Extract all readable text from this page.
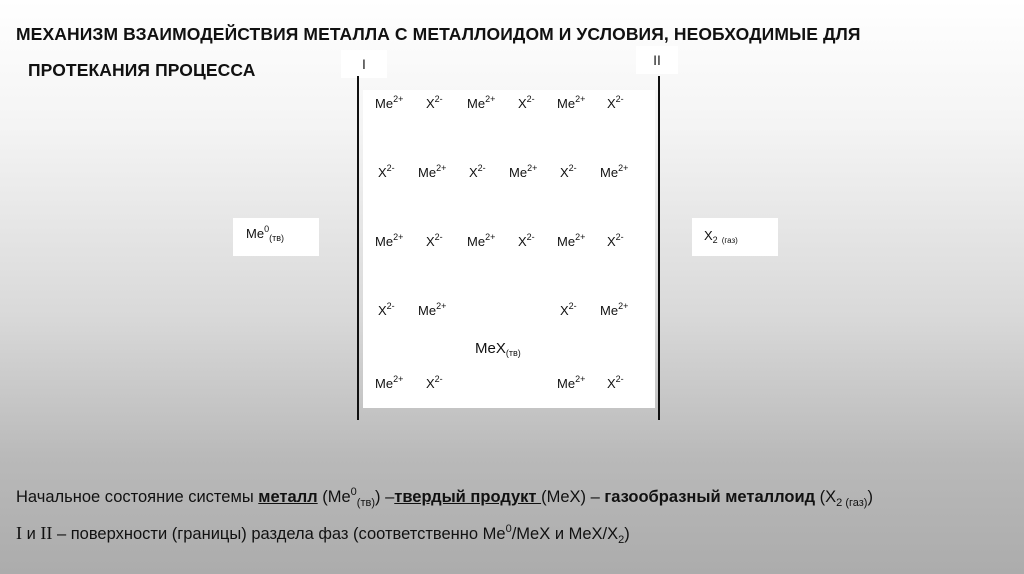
МЕХАНИЗМ ВЗАИМОДЕЙСТВИЯ МЕТАЛЛА С МЕТАЛЛОИДОМ И УСЛОВИЯ, НЕОБХОДИМЫЕ ДЛЯ
ПРОТЕКАНИЯ ПРОЦЕССА	I	II
$Me^0_{(тв)}$	$X_2$ $_{(газ)}$
$Me^{2+}$ $X^{2-}$ $Me^{2+}$ $X^{2-}$ $Me^{2+}$ $X^{2-}$
$X^{2-}$ $Me^{2+}$ $X^{2-}$ $Me^{2+}$ $X^{2-}$ $Me^{2+}$
$Me^{2+}$ $X^{2-}$ $Me^{2+}$ $X^{2-}$ $Me^{2+}$ $X^{2-}$
$X^{2-}$ $Me^{2+}$	$X^{2-}$ $Me^{2+}$
$Me^{2+}$ $X^{2-}$	$Me^{2+}$ $X^{2-}$
MeX$_{(тв)}$
Начальное состояние системы металл $(Me^0_{(тв)})$ –твердый продукт (MeX) – газообразный металлоид $(X_{2 (газ)})$
I и II – поверхности (границы) раздела фаз (соответственно Me$^0$/MeX и MeX/$X_2$)
